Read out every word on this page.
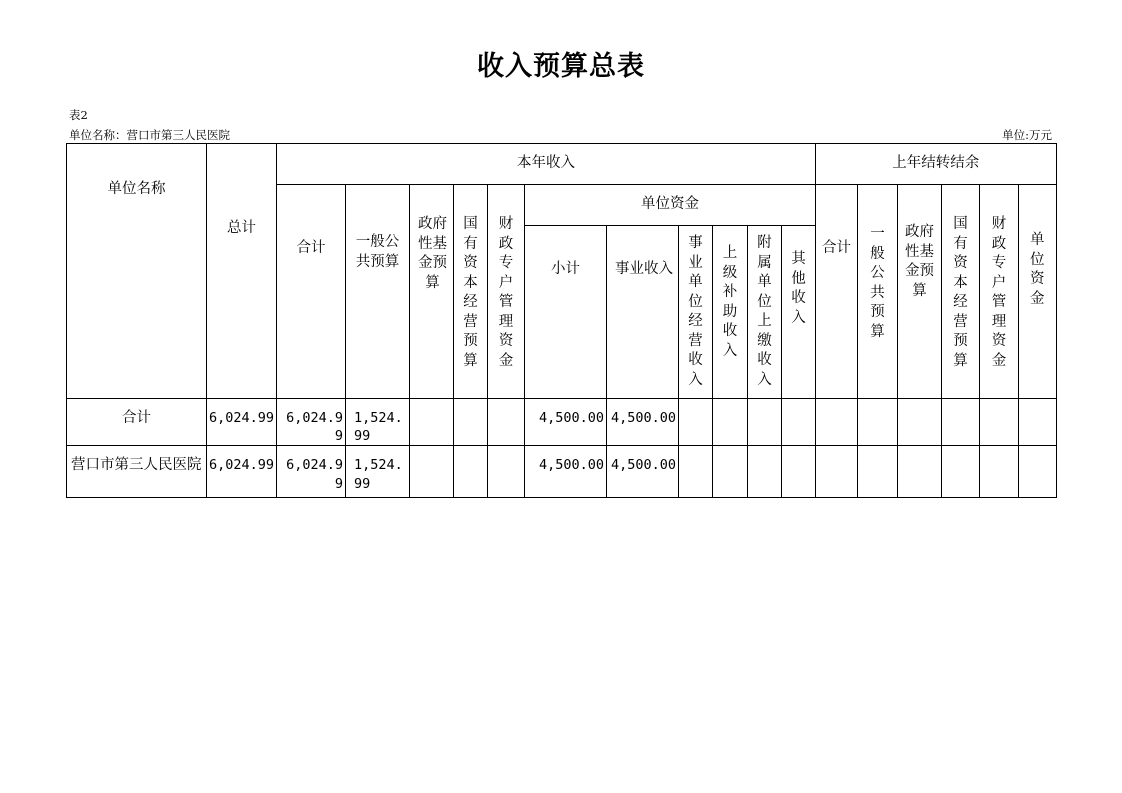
收入预算总表
表2
单位名称：营口市第三人民医院	单位:万元
单位名称	总计	本年收入											上年结转结余					
		合计	一般公共预算	政府性基金预算	国有资本经营预算	财政专户管理资金	单位资金						合计	一般公共预算	政府性基金预算	国有资本经营预算	财政专户管理资金	单位资金
							小计	事业收入	事业单位经营收入	上级补助收入	附属单位上缴收入	其他收入						
合计	6,024.99	6,024.99	1,524.99				4,500.00	4,500.00										
营口市第三人民医院	6,024.99	6,024.99	1,524.99				4,500.00	4,500.00										
